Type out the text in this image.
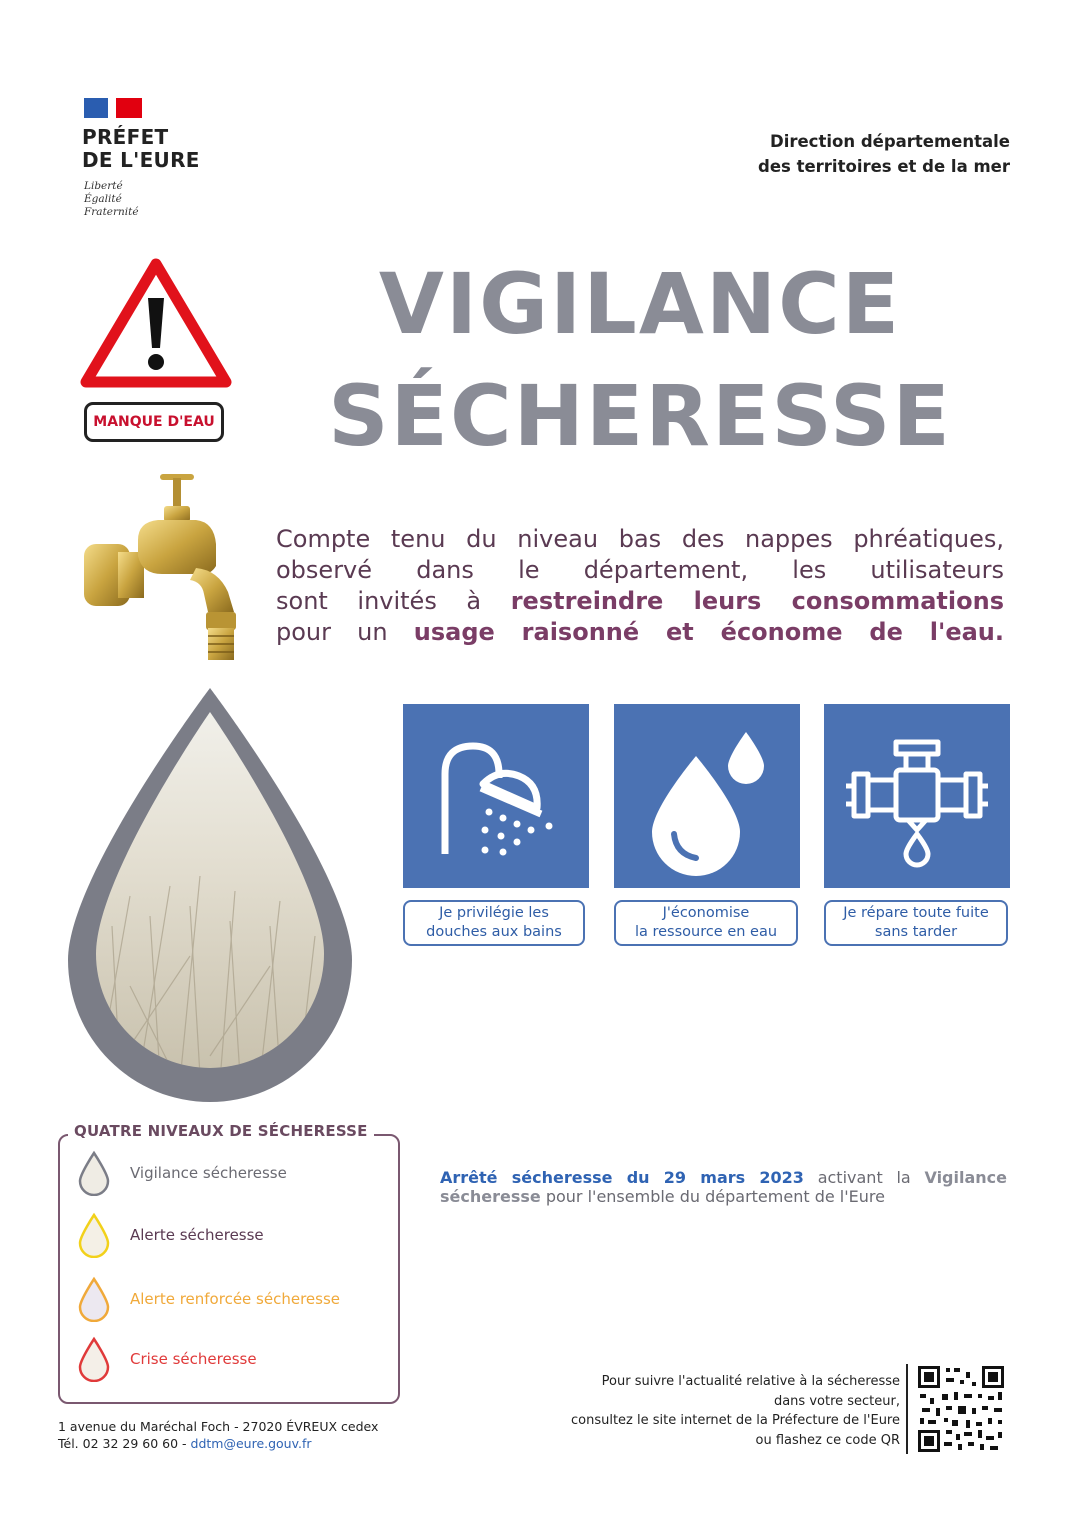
PRÉFET
DE L'EURE
Liberté
Égalité
Fraternité
Direction départementale
des territoires et de la mer
MANQUE D'EAU
VIGILANCE
SÉCHERESSE
Compte tenu du niveau bas des nappes phréatiques,
observé dans le département, les utilisateurs
sont invités à restreindre leurs consommations
pour un usage raisonné et économe de l'eau.
Je privilégie les
douches aux bains
J'économise
la ressource en eau
Je répare toute fuite
sans tarder
QUATRE NIVEAUX DE SÉCHERESSE
Vigilance sécheresse
Alerte sécheresse
Alerte renforcée sécheresse
Crise sécheresse
Arrêté sécheresse du 29 mars 2023 activant la Vigilance sécheresse pour l'ensemble du département de l'Eure
1 avenue du Maréchal Foch - 27020 ÉVREUX cedex
Tél. 02 32 29 60 60 - ddtm@eure.gouv.fr
Pour suivre l'actualité relative à la sécheresse
dans votre secteur,
consultez le site internet de la Préfecture de l'Eure
ou flashez ce code QR
